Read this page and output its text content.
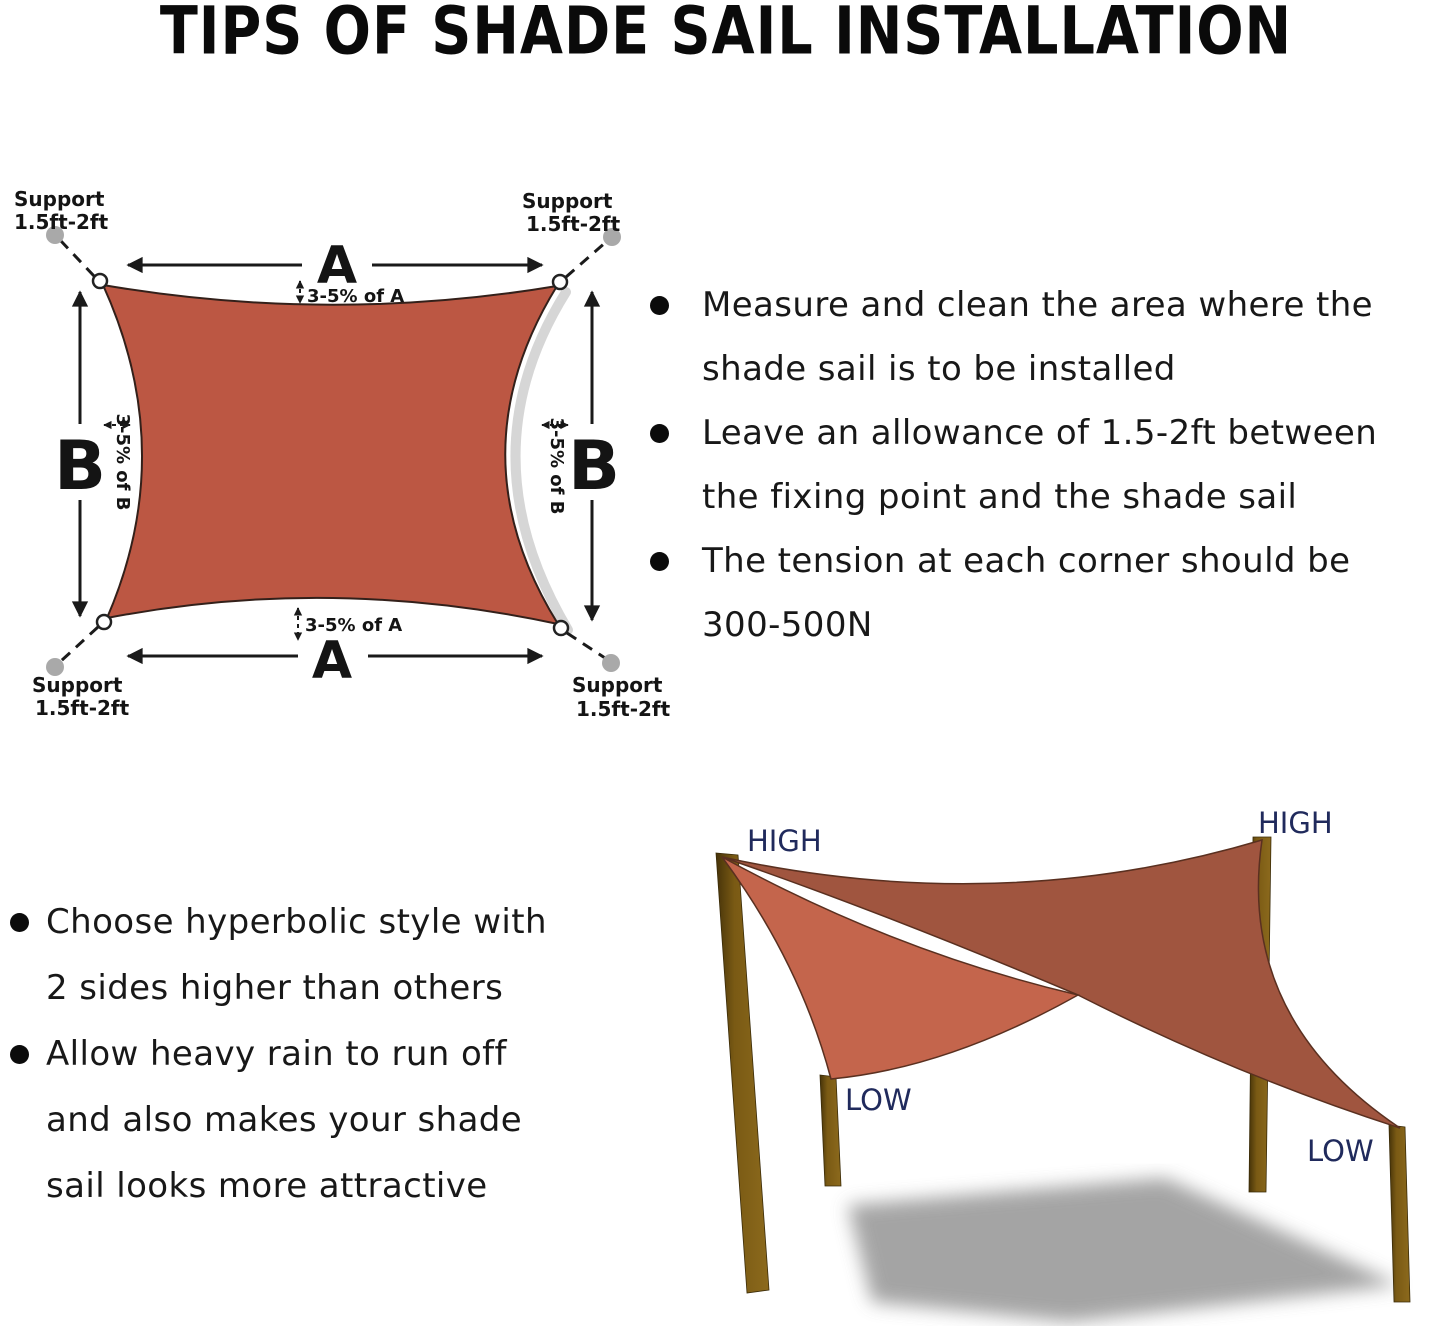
Support
1.5ft-2ft
Support
1.5ft-2ft
Support
1.5ft-2ft
Support
1.5ft-2ft
A
3-5% of A
A
3-5% of A
B 3-5% of B	B
3-5% of B
HIGH
HIGH
LOW
LOW
TIPS OF SHADE SAIL INSTALLATION
Measure and clean the area where the
shade sail is to be installed
Leave an allowance of 1.5-2ft between
the fixing point and the shade sail
The tension at each corner should be
300-500N
Choose hyperbolic style with
2 sides higher than others
Allow heavy rain to run off
and also makes your shade
sail looks more attractive
